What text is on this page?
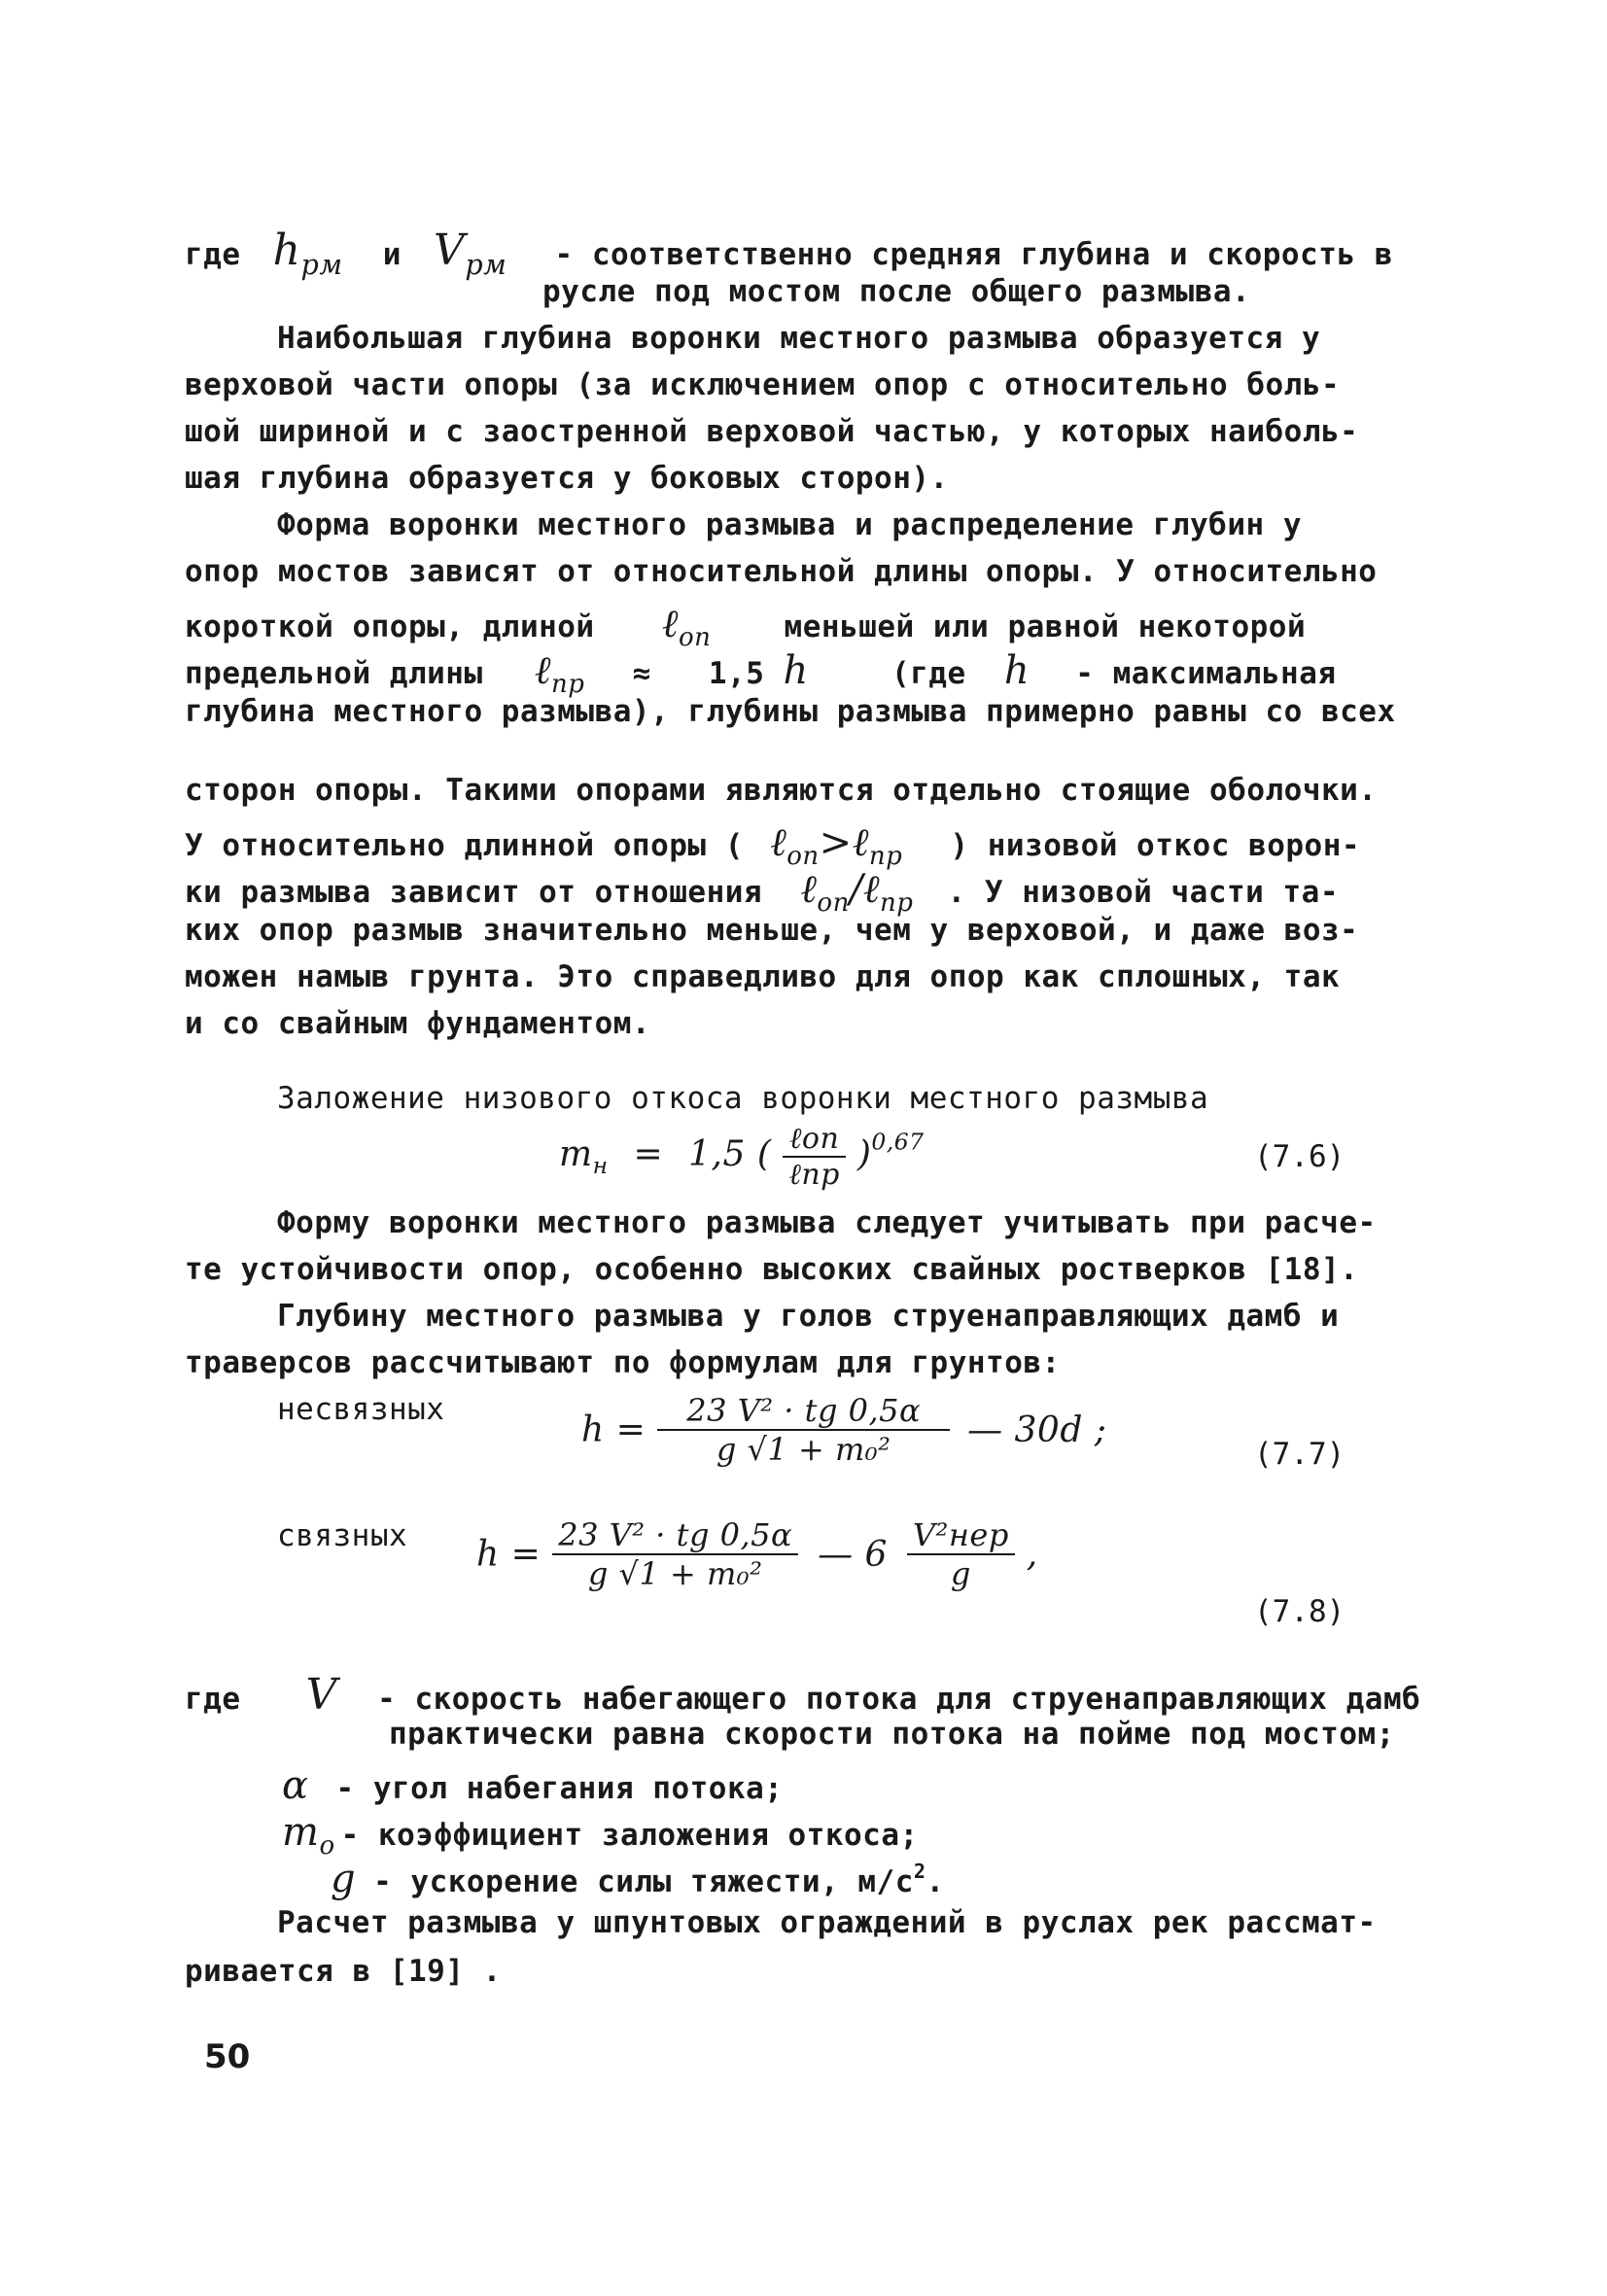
где $h_{рм}$ и $V_{рм}$ - соответственно средняя глубина и скорость в
русле под мостом после общего размыва.
Наибольшая глубина воронки местного размыва образуется у
верховой части опоры (за исключением опор с относительно боль-
шой шириной и с заостренной верховой частью, у которых наиболь-
шая глубина образуется у боковых сторон).
Форма воронки местного размыва и распределение глубин у
опор мостов зависят от относительной длины опоры. У относительно
короткой опоры, длиной ℓ$_{оп}$ меньшей или равной некоторой
предельной длины ℓ$_{пр}$ ≈ 1,5 h	(где h - максимальная
глубина местного размыва), глубины размыва примерно равны со всех
сторон опоры. Такими опорами являются отдельно стоящие оболочки.
У относительно длинной опоры ( ℓ$_{оп}$>ℓ$_{пр}$ ) низовой откос ворон-
ки размыва зависит от отношения ℓ$_{оп}$/ℓ$_{пр}$ . У низовой части та-
ких опор размыв значительно меньше, чем у верховой, и даже воз-
можен намыв грунта. Это справедливо для опор как сплошных, так
и со свайным фундаментом.
Заложение низового откоса воронки местного размыва
$m_н = 1,5$ ( $\frac{\text{ℓоп}}{\text{ℓпр}} )^{0,67}$	(7.6)
Форму воронки местного размыва следует учитывать при расче-
те устойчивости опор, особенно высоких свайных ростверков [18].
Глубину местного размыва у голов струенаправляющих дамб и
траверсов рассчитывают по формулам для грунтов:
несвязных
$h = \frac{\text{23 V² · tg 0,5α}}{\text{g √1 + m₀²}}$ — 30d ;
(7.7)
связных $h = \frac{\text{23 V² · tg 0,5α}}{\text{g √1 + m₀²}}$ — $6 \frac{\text{V²нер}}{g}$ ,
(7.8)
где V - скорость набегающего потока для струенаправляющих дамб
практически равна скорости потока на пойме под мостом;
α - угол набегания потока;
$m_о$ - коэффициент заложения откоса;
g - ускорение силы тяжести, $м/с^2$.
Расчет размыва у шпунтовых ограждений в руслах рек рассмат-
ривается в [19] .
50
